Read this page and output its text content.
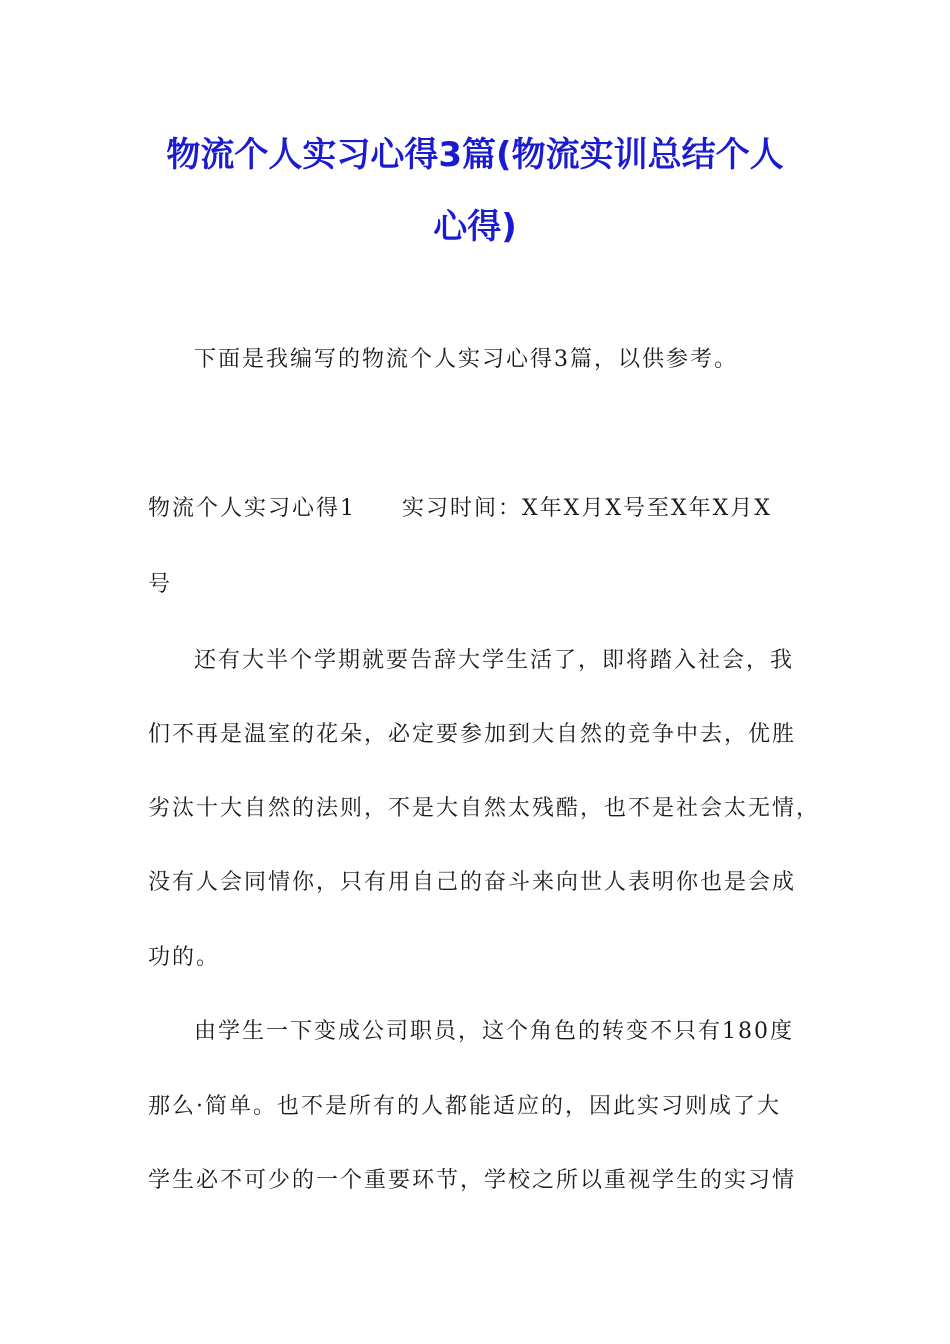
物流个人实习心得3篇(物流实训总结个人
心得)

下面是我编写的物流个人实习心得3篇，以供参考。

物流个人实习心得1 实习时间：X年X月X号至X年X月X

号

还有大半个学期就要告辞大学生活了，即将踏入社会，我

们不再是温室的花朵，必定要参加到大自然的竞争中去，优胜

劣汰十大自然的法则，不是大自然太残酷，也不是社会太无情，

没有人会同情你，只有用自己的奋斗来向世人表明你也是会成

功的。

由学生一下变成公司职员，这个角色的转变不只有180度

那么·简单。也不是所有的人都能适应的，因此实习则成了大

学生必不可少的一个重要环节，学校之所以重视学生的实习情
